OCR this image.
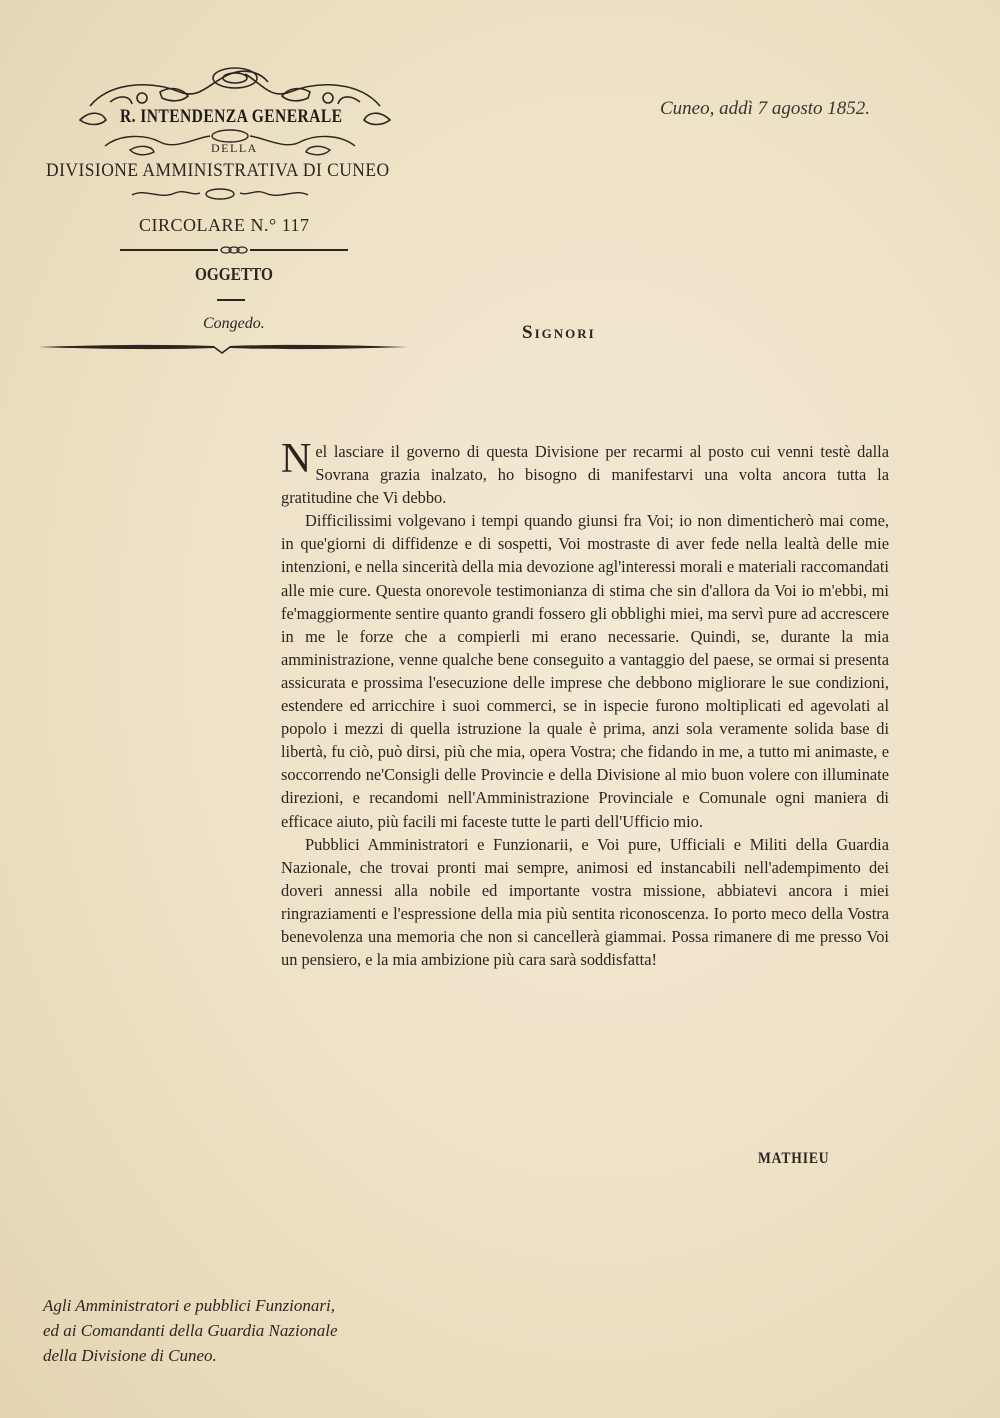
R. INTENDENZA GENERALE
DELLA
DIVISIONE AMMINISTRATIVA DI CUNEO
CIRCOLARE N.° 117
OGGETTO
Congedo.
Cuneo, addì 7 agosto 1852.
Signori

Nel lasciare il governo di questa Divisione per recarmi al posto cui venni testè dalla Sovrana grazia inalzato, ho bisogno di manifestarvi una volta ancora tutta la gratitudine che Vi debbo.

Difficilissimi volgevano i tempi quando giunsi fra Voi; io non dimenticherò mai come, in que'giorni di diffidenze e di sospetti, Voi mostraste di aver fede nella lealtà delle mie intenzioni, e nella sincerità della mia devozione agl'interessi morali e materiali raccomandati alle mie cure. Questa onorevole testimonianza di stima che sin d'allora da Voi io m'ebbi, mi fe'maggiormente sentire quanto grandi fossero gli obblighi miei, ma servì pure ad accrescere in me le forze che a compierli mi erano necessarie. Quindi, se, durante la mia amministrazione, venne qualche bene conseguito a vantaggio del paese, se ormai si presenta assicurata e prossima l'esecuzione delle imprese che debbono migliorare le sue condizioni, estendere ed arricchire i suoi commerci, se in ispecie furono moltiplicati ed agevolati al popolo i mezzi di quella istruzione la quale è prima, anzi sola veramente solida base di libertà, fu ciò, può dirsi, più che mia, opera Vostra; che fidando in me, a tutto mi animaste, e soccorrendo ne'Consigli delle Provincie e della Divisione al mio buon volere con illuminate direzioni, e recandomi nell'Amministrazione Provinciale e Comunale ogni maniera di efficace aiuto, più facili mi faceste tutte le parti dell'Ufficio mio.

Pubblici Amministratori e Funzionarii, e Voi pure, Ufficiali e Militi della Guardia Nazionale, che trovai pronti mai sempre, animosi ed instancabili nell'adempimento dei doveri annessi alla nobile ed importante vostra missione, abbiatevi ancora i miei ringraziamenti e l'espressione della mia più sentita riconoscenza. Io porto meco della Vostra benevolenza una memoria che non si cancellerà giammai. Possa rimanere di me presso Voi un pensiero, e la mia ambizione più cara sarà soddisfatta!

MATHIEU
Agli Amministratori e pubblici Funzionari,
ed ai Comandanti della Guardia Nazionale
della Divisione di Cuneo.
